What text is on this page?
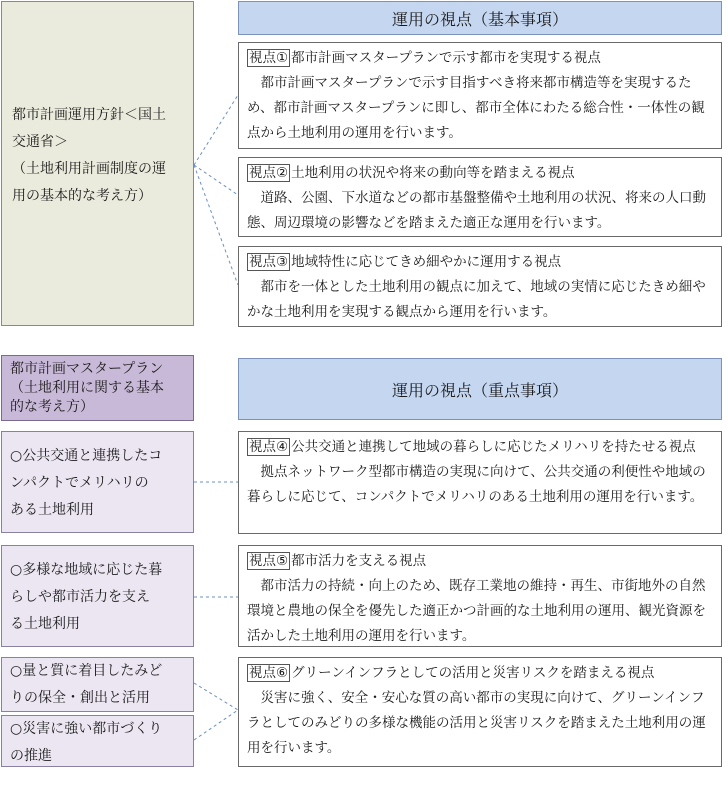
都市計画運用方針＜国土
交通省＞
（土地利用計画制度の運
用の基本的な考え方）
運用の視点（基本事項）
視点① 都市計画マスタープランで示す都市を実現する視点
都市計画マスタープランで示す目指すべき将来都市構造等を実現するため、都市計画マスタープランに即し、都市全体にわたる総合性・一体性の観点から土地利用の運用を行います。
視点② 土地利用の状況や将来の動向等を踏まえる視点
道路、公園、下水道などの都市基盤整備や土地利用の状況、将来の人口動態、周辺環境の影響などを踏まえた適正な運用を行います。
視点③ 地域特性に応じてきめ細やかに運用する視点
都市を一体とした土地利用の観点に加えて、地域の実情に応じたきめ細やかな土地利用を実現する観点から運用を行います。
都市計画マスタープラン
（土地利用に関する基本
的な考え方）
運用の視点（重点事項）
○公共交通と連携したコ
ンパクトでメリハリの
ある土地利用
○多様な地域に応じた暮
らしや都市活力を支え
る土地利用
○量と質に着目したみど
りの保全・創出と活用
○災害に強い都市づくり
の推進
視点④ 公共交通と連携して地域の暮らしに応じたメリハリを持たせる視点
拠点ネットワーク型都市構造の実現に向けて、公共交通の利便性や地域の暮らしに応じて、コンパクトでメリハリのある土地利用の運用を行います。
視点⑤ 都市活力を支える視点
都市活力の持続・向上のため、既存工業地の維持・再生、市街地外の自然環境と農地の保全を優先した適正かつ計画的な土地利用の運用、観光資源を活かした土地利用の運用を行います。
視点⑥ グリーンインフラとしての活用と災害リスクを踏まえる視点
災害に強く、安全・安心な質の高い都市の実現に向けて、グリーンインフラとしてのみどりの多様な機能の活用と災害リスクを踏まえた土地利用の運用を行います。
